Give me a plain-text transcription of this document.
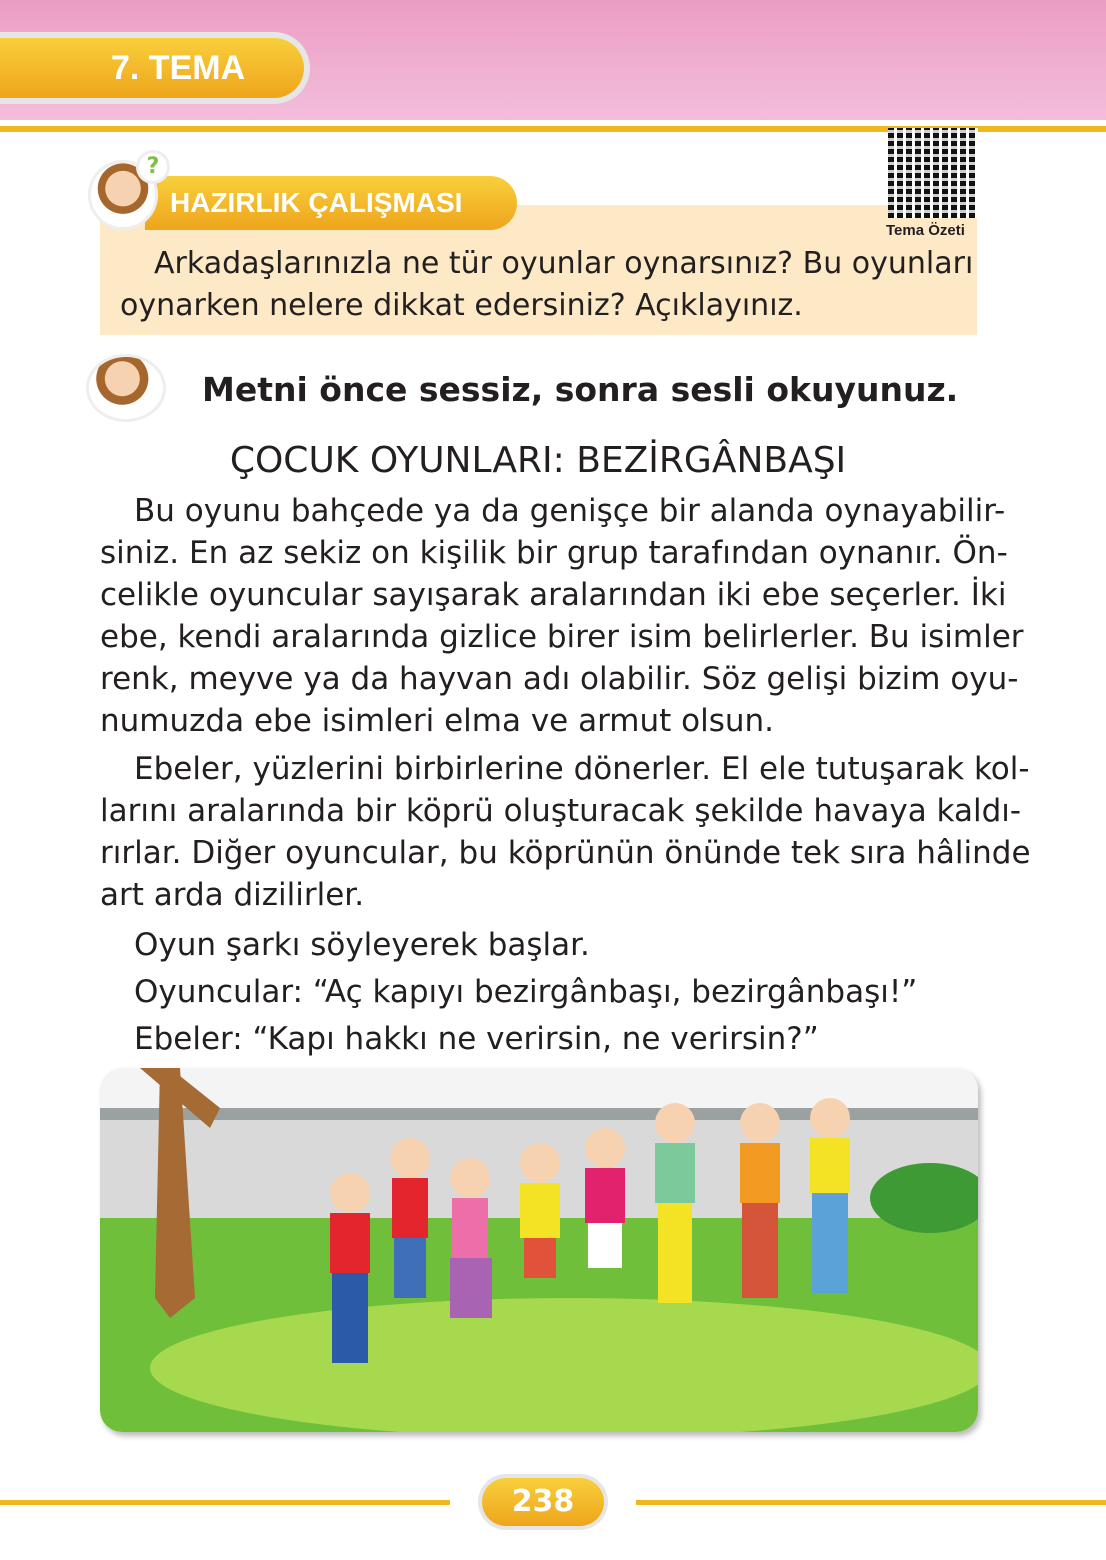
7. TEMA
HAZIRLIK ÇALIŞMASI
?
Tema Özeti
Arkadaşlarınızla ne tür oyunlar oynarsınız? Bu oyunları
oynarken nelere dikkat edersiniz? Açıklayınız.
Metni önce sessiz, sonra sesli okuyunuz.
ÇOCUK OYUNLARI: BEZİRGÂNBAŞI
Bu oyunu bahçede ya da genişçe bir alanda oynayabilir-
siniz. En az sekiz on kişilik bir grup tarafından oynanır. Ön-
celikle oyuncular sayışarak aralarından iki ebe seçerler. İki
ebe, kendi aralarında gizlice birer isim belirlerler. Bu isimler
renk, meyve ya da hayvan adı olabilir. Söz gelişi bizim oyu-
numuzda ebe isimleri elma ve armut olsun.
Ebeler, yüzlerini birbirlerine dönerler. El ele tutuşarak kol-
larını aralarında bir köprü oluşturacak şekilde havaya kaldı-
rırlar. Diğer oyuncular, bu köprünün önünde tek sıra hâlinde
art arda dizilirler.
Oyun şarkı söyleyerek başlar.
Oyuncular: “Aç kapıyı bezirgânbaşı, bezirgânbaşı!”
Ebeler: “Kapı hakkı ne verirsin, ne verirsin?”
238
